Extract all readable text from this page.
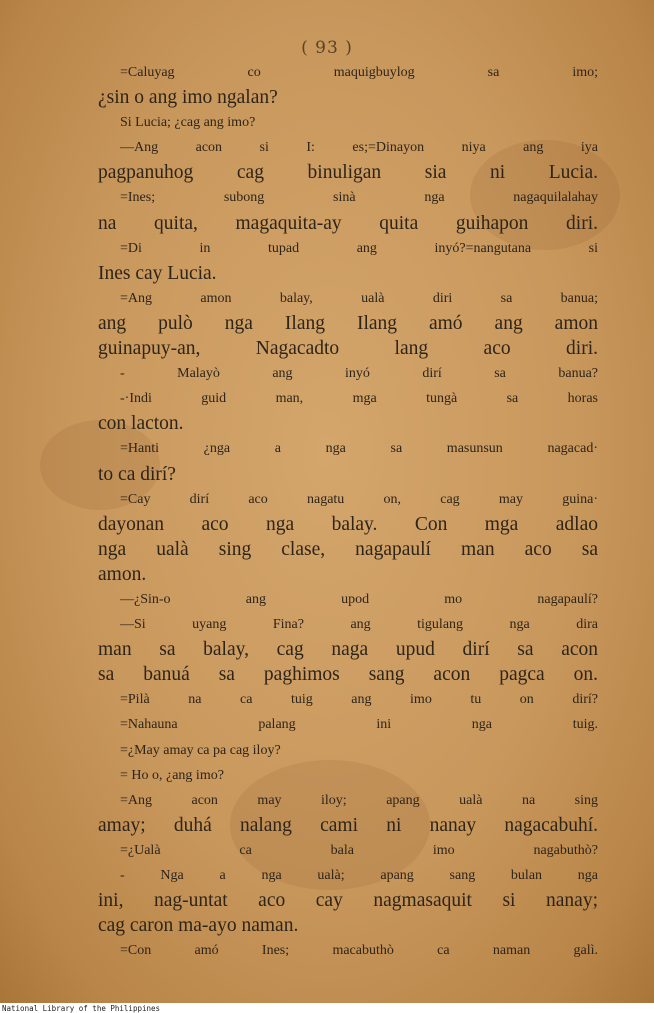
( 93 )
=Caluyag co maquigbuylog sa imo;
¿sin o ang imo ngalan?
Si Lucia; ¿cag ang imo?
—Ang acon si I: es;=Dinayon niya ang iya
pagpanuhog cag binuligan sia ni Lucia.
=Ines; subong sinà nga nagaquilalahay
na quita, magaquita-ay quita guihapon diri.
=Di in tupad ang inyó?=nangutana si
Ines cay Lucia.
=Ang amon balay, ualà diri sa banua;
ang pulò nga Ilang Ilang amó ang amon
guinapuy-an, Nagacadto lang aco diri.
- Malayò ang inyó dirí sa banua?
-·Indi guid man, mga tungà sa horas
con lacton.
=Hanti ¿nga a nga sa masunsun nagacad·
to ca dirí?
=Cay dirí aco nagatu on, cag may guina·
dayonan aco nga balay. Con mga adlao
nga ualà sing clase, nagapaulí man aco sa
amon.
—¿Sin-o ang upod mo nagapaulí?
—Si uyang Fina? ang tigulang nga dira
man sa balay, cag naga upud dirí sa acon
sa banuá sa paghimos sang acon pagca on.
=Pilà na ca tuig ang imo tu on dirí?
=Nahauna palang ini nga tuig.
=¿May amay ca pa cag iloy?
= Ho o, ¿ang imo?
=Ang acon may iloy; apang ualà na sing
amay; duhá nalang cami ni nanay nagacabuhí.
=¿Ualà ca bala imo nagabuthò?
- Nga a nga ualà; apang sang bulan nga
ini, nag-untat aco cay nagmasaquit si nanay;
cag caron ma-ayo naman.
=Con amó Ines; macabuthò ca naman galì.
National Library of the Philippines
